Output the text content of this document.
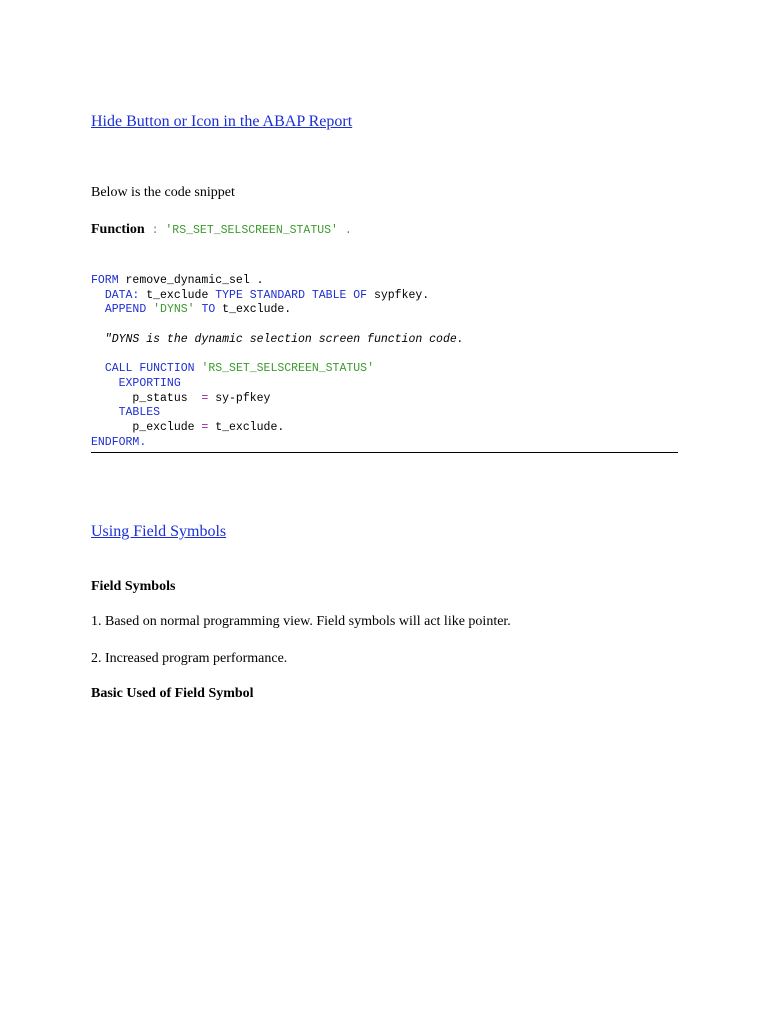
Hide Button or Icon in the ABAP Report
Below is the code snippet
Function : 'RS_SET_SELSCREEN_STATUS' .
FORM remove_dynamic_sel .
DATA: t_exclude TYPE STANDARD TABLE OF sypfkey.
APPEND 'DYNS' TO t_exclude.
"DYNS is the dynamic selection screen function code.
CALL FUNCTION 'RS_SET_SELSCREEN_STATUS'
EXPORTING
p_status  = sy-pfkey
TABLES
p_exclude = t_exclude.
ENDFORM.
Using Field Symbols
Field Symbols
1. Based on normal programming view. Field symbols will act like pointer.
2. Increased program performance.
Basic Used of Field Symbol
